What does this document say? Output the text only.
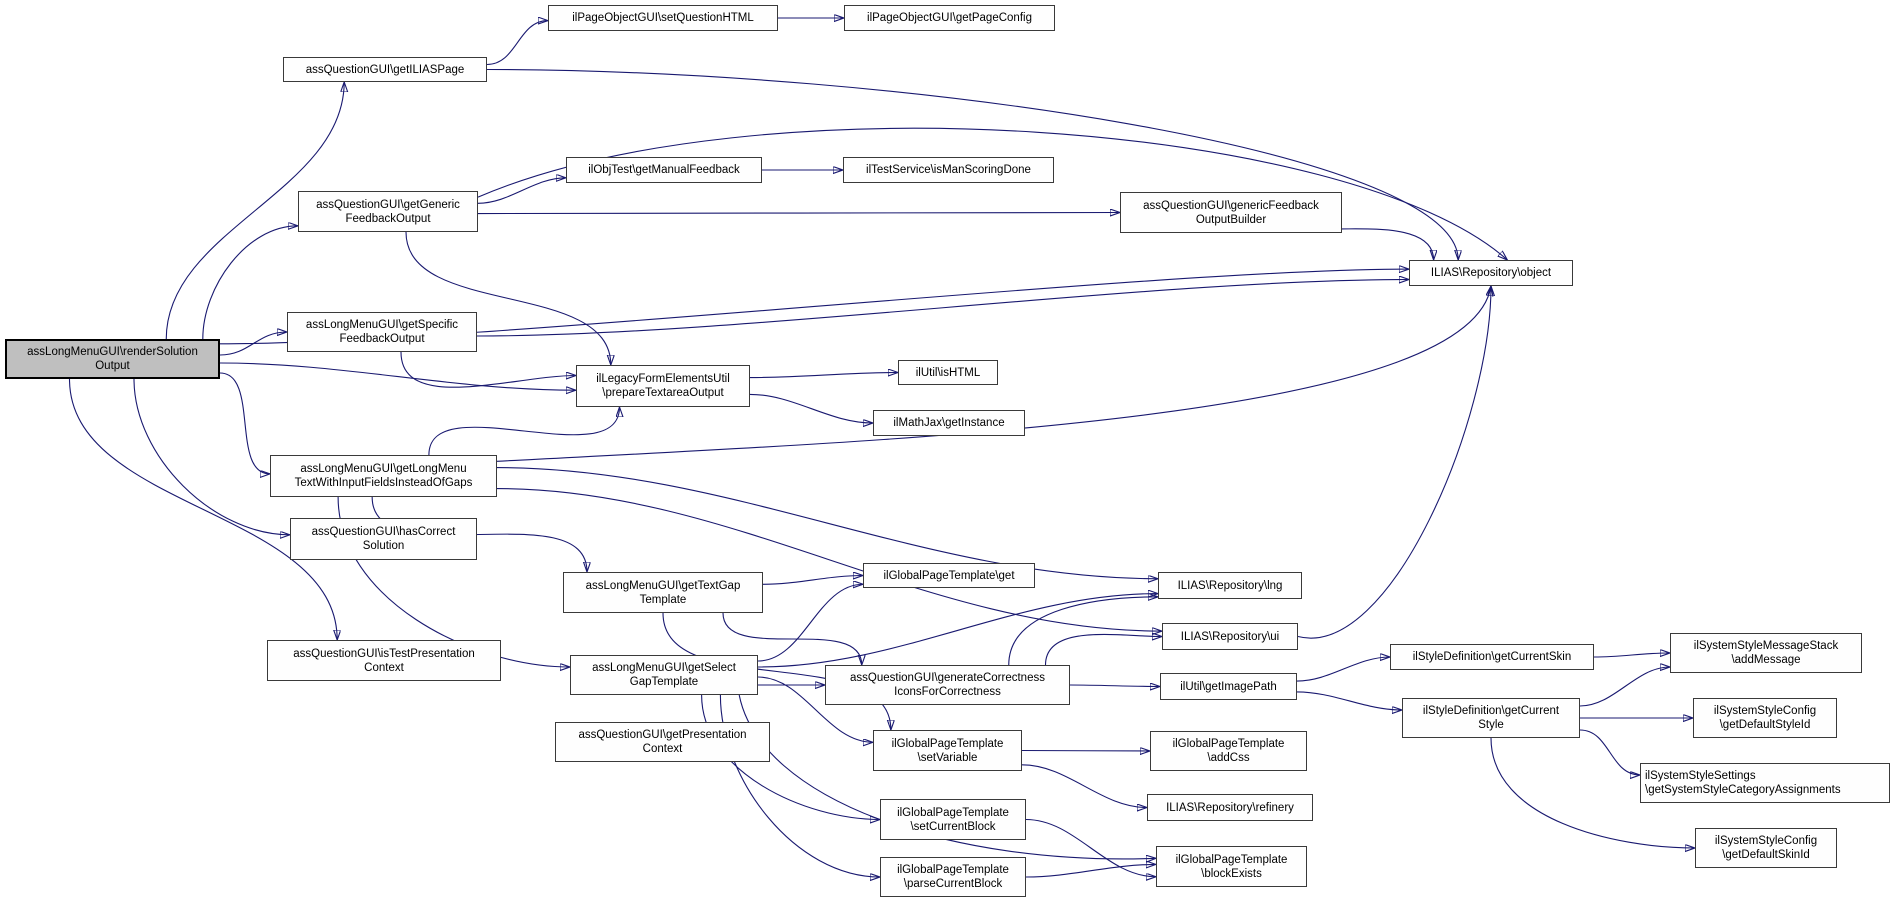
assLongMenuGUI\renderSolution
Output
assQuestionGUI\getILIASPage
ilPageObjectGUI\setQuestionHTML	ilPageObjectGUI\getPageConfig
assQuestionGUI\getGeneric
FeedbackOutput
ilObjTest\getManualFeedback	ilTestService\isManScoringDone
assQuestionGUI\genericFeedback
OutputBuilder
ILIAS\Repository\object
assLongMenuGUI\getSpecific
FeedbackOutput
ilLegacyFormElementsUtil
\prepareTextareaOutput
ilUtil\isHTML
ilMathJax\getInstance
assLongMenuGUI\getLongMenu
TextWithInputFieldsInsteadOfGaps
assQuestionGUI\hasCorrect
Solution
assQuestionGUI\isTestPresentation
Context
assQuestionGUI\getPresentation
Context
assLongMenuGUI\getTextGap
Template
assLongMenuGUI\getSelect
GapTemplate
ilGlobalPageTemplate\get
ILIAS\Repository\lng
ILIAS\Repository\ui
ilUtil\getImagePath
assQuestionGUI\generateCorrectness
IconsForCorrectness
ilGlobalPageTemplate
\setVariable
ilGlobalPageTemplate
\addCss
ILIAS\Repository\refinery
ilGlobalPageTemplate
\setCurrentBlock
ilGlobalPageTemplate
\parseCurrentBlock
ilGlobalPageTemplate
\blockExists
ilStyleDefinition\getCurrentSkin
ilStyleDefinition\getCurrent
Style
ilSystemStyleMessageStack
\addMessage
ilSystemStyleConfig
\getDefaultStyleId
ilSystemStyleSettings
\getSystemStyleCategoryAssignments
ilSystemStyleConfig
\getDefaultSkinId
